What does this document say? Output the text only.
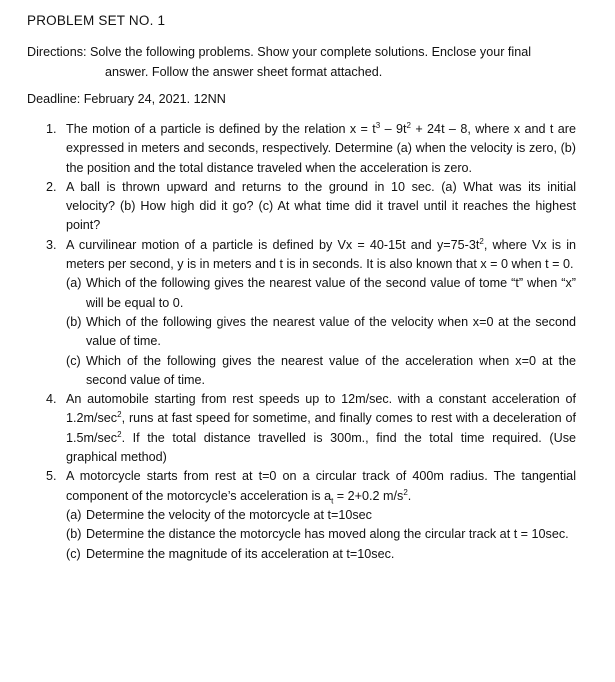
PROBLEM SET NO. 1
Directions: Solve the following problems. Show your complete solutions. Enclose your final
answer. Follow the answer sheet format attached.
Deadline: February 24, 2021. 12NN
1. The motion of a particle is defined by the relation $x = t^3 - 9t^2 + 24t - 8$, where x and t are expressed in meters and seconds, respectively. Determine (a) when the velocity is zero, (b) the position and the total distance traveled when the acceleration is zero.
2. A ball is thrown upward and returns to the ground in 10 sec. (a) What was its initial velocity? (b) How high did it go? (c) At what time did it travel until it reaches the highest point?
3. A curvilinear motion of a particle is defined by Vx = 40-15t and $y=75-3t^2$, where Vx is in meters per second, y is in meters and t is in seconds. It is also known that x = 0 when t = 0.
(a) Which of the following gives the nearest value of the second value of tome “t” when “x” will be equal to 0.
(b) Which of the following gives the nearest value of the velocity when x=0 at the second value of time.
(c) Which of the following gives the nearest value of the acceleration when x=0 at the second value of time.
4. An automobile starting from rest speeds up to 12m/sec. with a constant acceleration of $1.2m/\sec^2$, runs at fast speed for sometime, and finally comes to rest with a deceleration of $1.5m/\sec^2$. If the total distance travelled is 300m., find the total time required. (Use graphical method)
5. A motorcycle starts from rest at t=0 on a circular track of 400m radius. The tangential component of the motorcycle’s acceleration is $a_t = 2+0.2$ $m/s^2$.
(a) Determine the velocity of the motorcycle at t=10sec
(b) Determine the distance the motorcycle has moved along the circular track at t = 10sec.
(c) Determine the magnitude of its acceleration at t=10sec.
